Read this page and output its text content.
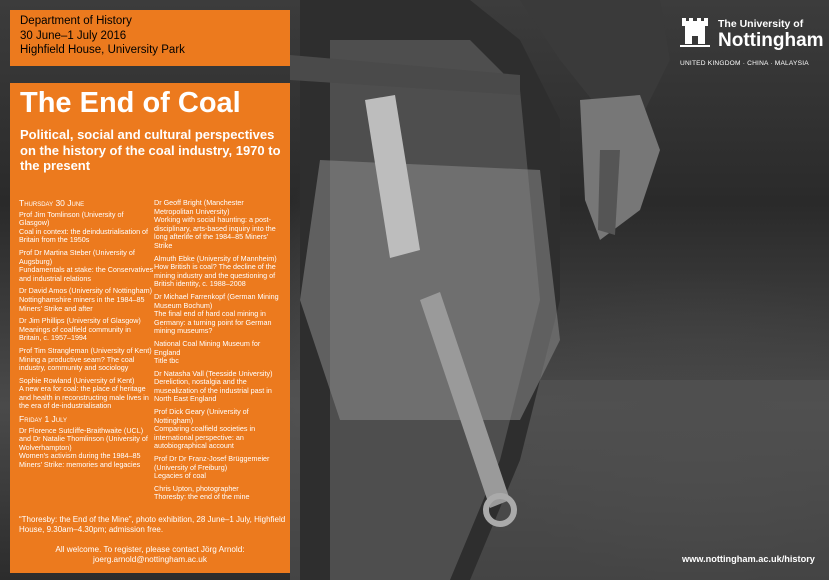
Department of History
30 June–1 July 2016
Highfield House, University Park
The End of Coal
Political, social and cultural perspectives on the history of the coal industry, 1970 to the present
Thursday 30 June
Prof Jim Tomlinson (University of Glasgow)
Coal in context: the deindustrialisation of Britain from the 1950s
Prof Dr Martina Steber (University of Augsburg)
Fundamentals at stake: the Conservatives and industrial relations
Dr David Amos (University of Nottingham)
Nottinghamshire miners in the 1984–85 Miners' Strike and after
Dr Jim Phillips (University of Glasgow)
Meanings of coalfield community in Britain, c. 1957–1994
Prof Tim Strangleman (University of Kent)
Mining a productive seam? The coal industry, community and sociology
Sophie Rowland (University of Kent)
A new era for coal: the place of heritage and health in reconstructing male lives in the era of de-industrialisation
Friday 1 July
Dr Florence Sutcliffe-Braithwaite (UCL) and Dr Natalie Thomlinson (University of Wolverhampton)
Women's activism during the 1984–85 Miners' Strike: memories and legacies
Dr Geoff Bright (Manchester Metropolitan University)
Working with social haunting: a post-disciplinary, arts-based inquiry into the long afterlife of the 1984–85 Miners' Strike
Almuth Ebke (University of Mannheim)
How British is coal? The decline of the mining industry and the questioning of British identity, c. 1988–2008
Dr Michael Farrenkopf (German Mining Museum Bochum)
The final end of hard coal mining in Germany: a turning point for German mining museums?
National Coal Mining Museum for England
Title tbc
Dr Natasha Vall (Teesside University)
Dereliction, nostalgia and the musealization of the industrial past in North East England
Prof Dick Geary (University of Nottingham)
Comparing coalfield societies in international perspective: an autobiographical account
Prof Dr Dr Franz-Josef Brüggemeier (University of Freiburg)
Legacies of coal
Chris Upton, photographer
Thoresby: the end of the mine
“Thoresby: the End of the Mine”, photo exhibition, 28 June–1 July, Highfield House, 9.30am–4.30pm; admission free.
All welcome. To register, please contact Jörg Arnold:
joerg.arnold@nottingham.ac.uk
The University of
Nottingham
UNITED KINGDOM · CHINA · MALAYSIA
www.nottingham.ac.uk/history
